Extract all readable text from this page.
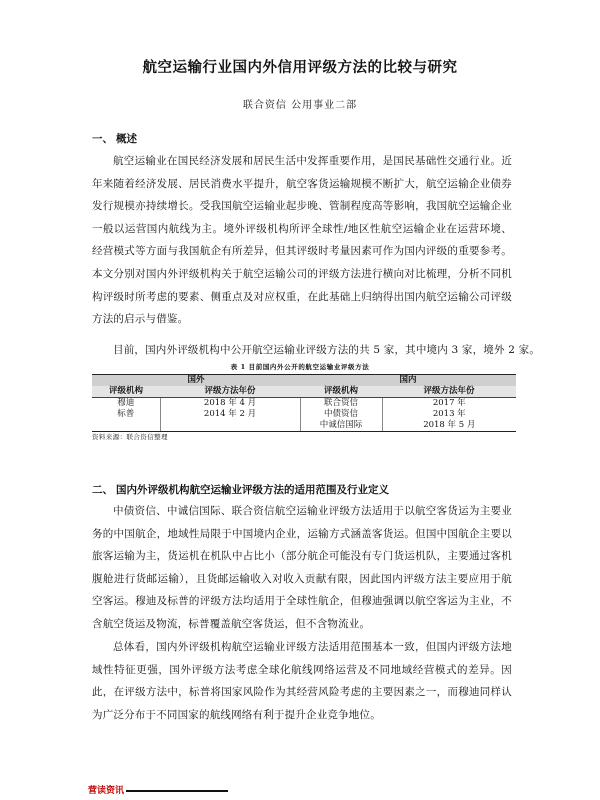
航空运输行业国内外信用评级方法的比较与研究
联合资信 公用事业二部
一、 概述

航空运输业在国民经济发展和居民生活中发挥重要作用，是国民基础性交通行业。近年来随着经济发展、居民消费水平提升，航空客货运输规模不断扩大，航空运输企业债券发行规模亦持续增长。受我国航空运输业起步晚、管制程度高等影响，我国航空运输企业一般以运营国内航线为主。境外评级机构所评全球性/地区性航空运输企业在运营环境、经营模式等方面与我国航企有所差异，但其评级时考量因素可作为国内评级的重要参考。本文分别对国内外评级机构关于航空运输公司的评级方法进行横向对比梳理，分析不同机构评级时所考虑的要素、侧重点及对应权重，在此基础上归纳得出国内航空运输公司评级方法的启示与借鉴。

目前，国内外评级机构中公开航空运输业评级方法的共 5 家，其中境内 3 家，境外 2 家。

表 1 目前国内外公开的航空运输业评级方法
国外		国内	
评级机构	评级方法年份	评级机构	评级方法年份
穆迪	2018 年 4 月	联合资信	2017 年
标普	2014 年 2 月	中债资信	2013 年
		中诚信国际	2018 年 5 月
资料来源：联合资信整理
二、 国内外评级机构航空运输业评级方法的适用范围及行业定义

中债资信、中诚信国际、联合资信航空运输业评级方法适用于以航空客货运为主要业务的中国航企，地域性局限于中国境内企业，运输方式涵盖客货运。但国中国航企主要以旅客运输为主，货运机在机队中占比小（部分航企可能没有专门货运机队，主要通过客机腹舱进行货邮运输），且货邮运输收入对收入贡献有限，因此国内评级方法主要应用于航空客运。穆迪及标普的评级方法均适用于全球性航企，但穆迪强调以航空客运为主业，不含航空货运及物流，标普覆盖航空客货运，但不含物流业。

总体看，国内外评级机构航空运输业评级方法适用范围基本一致，但国内评级方法地域性特征更强，国外评级方法考虑全球化航线网络运营及不同地域经营模式的差异。因此，在评级方法中，标普将国家风险作为其经营风险考虑的主要因素之一，而穆迪同样认为广泛分布于不同国家的航线网络有利于提升企业竞争地位。

营读资讯
